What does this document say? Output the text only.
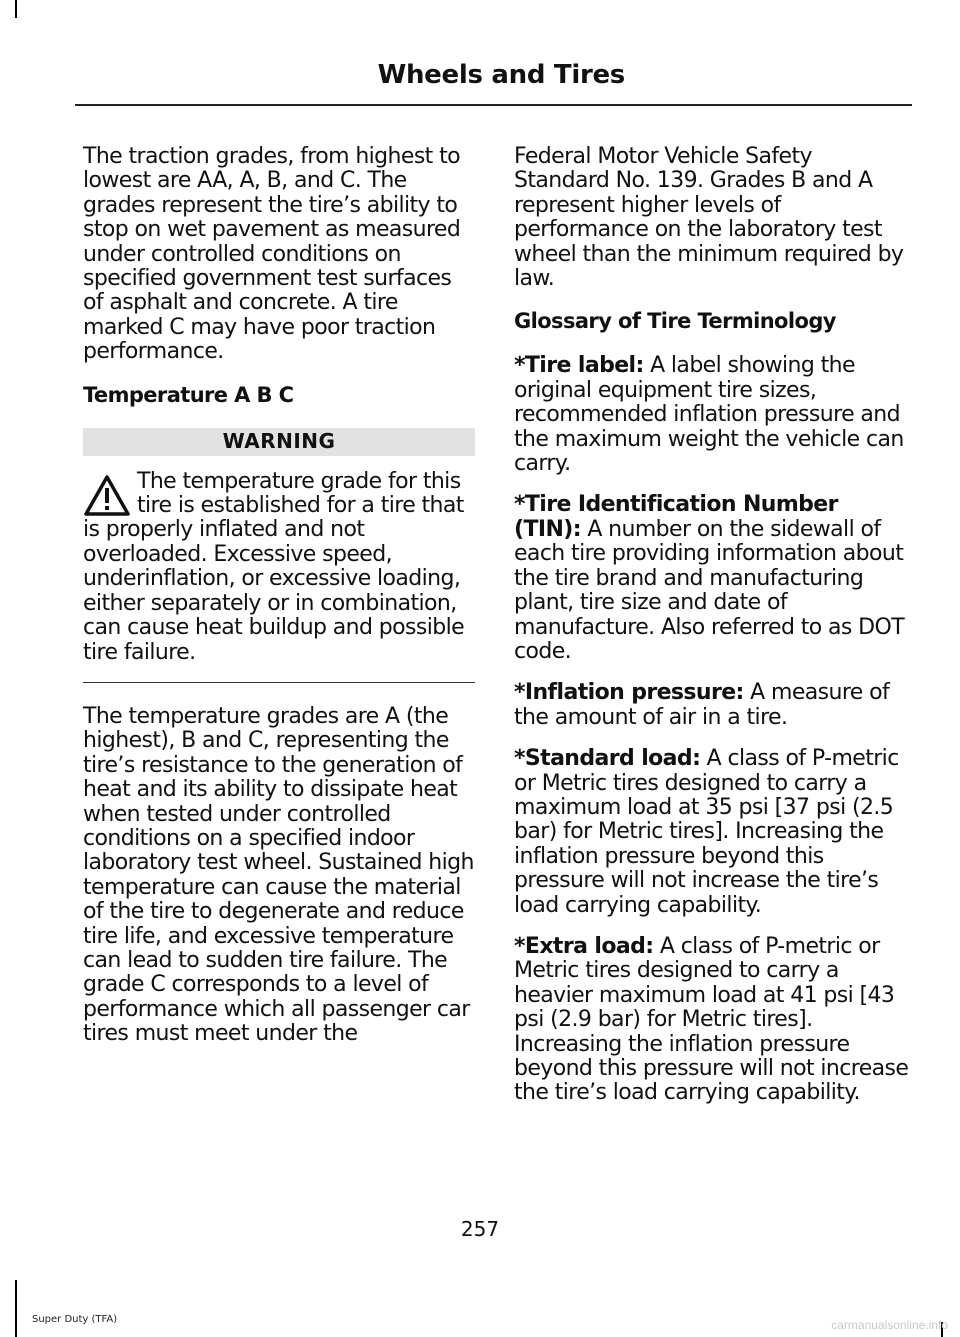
Wheels and Tires

The traction grades, from highest to lowest are AA, A, B, and C. The grades represent the tire’s ability to stop on wet pavement as measured under controlled conditions on specified government test surfaces of asphalt and concrete. A tire marked C may have poor traction performance.

Temperature A B C
WARNING

The temperature grade for this tire is established for a tire that is properly inflated and not overloaded. Excessive speed, underinflation, or excessive loading, either separately or in combination, can cause heat buildup and possible tire failure.

The temperature grades are A (the highest), B and C, representing the tire’s resistance to the generation of heat and its ability to dissipate heat when tested under controlled conditions on a specified indoor laboratory test wheel. Sustained high temperature can cause the material of the tire to degenerate and reduce tire life, and excessive temperature can lead to sudden tire failure. The grade C corresponds to a level of performance which all passenger car tires must meet under the

Federal Motor Vehicle Safety Standard No. 139. Grades B and A represent higher levels of performance on the laboratory test wheel than the minimum required by law.

Glossary of Tire Terminology

*Tire label: A label showing the original equipment tire sizes, recommended inflation pressure and the maximum weight the vehicle can carry.

*Tire Identification Number (TIN): A number on the sidewall of each tire providing information about the tire brand and manufacturing plant, tire size and date of manufacture. Also referred to as DOT code.

*Inflation pressure: A measure of the amount of air in a tire.

*Standard load: A class of P-metric or Metric tires designed to carry a maximum load at 35 psi [37 psi (2.5 bar) for Metric tires]. Increasing the inflation pressure beyond this pressure will not increase the tire’s load carrying capability.

*Extra load: A class of P-metric or Metric tires designed to carry a heavier maximum load at 41 psi [43 psi (2.9 bar) for Metric tires]. Increasing the inflation pressure beyond this pressure will not increase the tire’s load carrying capability.

257
Super Duty (TFA)	carmanualsonline.info
